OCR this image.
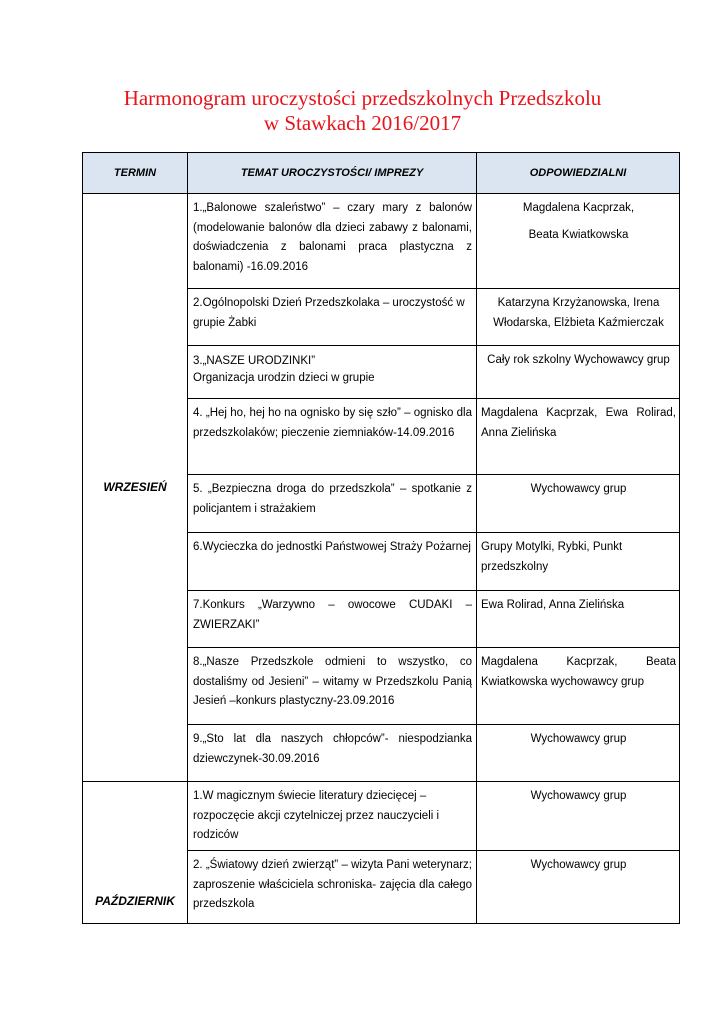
Harmonogram uroczystości przedszkolnych Przedszkolu
w Stawkach 2016/2017
TERMIN	TEMAT UROCZYSTOŚCI/ IMPREZY	ODPOWIEDZIALNI
WRZESIEŃ	1.„Balonowe szaleństwo” – czary mary z balonów (modelowanie balonów dla dzieci zabawy z balonami, doświadczenia z balonami praca plastyczna z balonami) -16.09.2016	Magdalena Kacprzak,
Beata Kwiatkowska

	2.Ogólnopolski Dzień Przedszkolaka – uroczystość w grupie Żabki	Katarzyna Krzyżanowska, Irena Włodarska, Elżbieta Kaźmierczak

	3.„NASZE URODZINKI”
Organizacja urodzin dzieci w grupie	Cały rok szkolny Wychowawcy grup
	4. „Hej ho, hej ho na ognisko by się szło” – ognisko dla przedszkolaków; pieczenie ziemniaków-14.09.2016	Magdalena Kacprzak, Ewa Rolirad, Anna Zielińska
	5. „Bezpieczna droga do przedszkola” – spotkanie z policjantem i strażakiem	Wychowawcy grup
	6.Wycieczka do jednostki Państwowej Straży Pożarnej	Grupy Motylki, Rybki, Punkt przedszkolny
	7.Konkurs „Warzywno – owocowe CUDAKI – ZWIERZAKI”	Ewa Rolirad, Anna Zielińska
	8.„Nasze Przedszkole odmieni to wszystko, co dostaliśmy od Jesieni” – witamy w Przedszkolu Panią Jesień –konkurs plastyczny-23.09.2016	Magdalena Kacprzak, Beata Kwiatkowska wychowawcy grup
	9.„Sto lat dla naszych chłopców”- niespodzianka dziewczynek-30.09.2016	Wychowawcy grup
PAŹDZIERNIK	1.W magicznym świecie literatury dziecięcej – rozpoczęcie akcji czytelniczej przez nauczycieli i rodziców	Wychowawcy grup
	2. „Światowy dzień zwierząt” – wizyta Pani weterynarz; zaproszenie właściciela schroniska- zajęcia dla całego przedszkola	Wychowawcy grup
